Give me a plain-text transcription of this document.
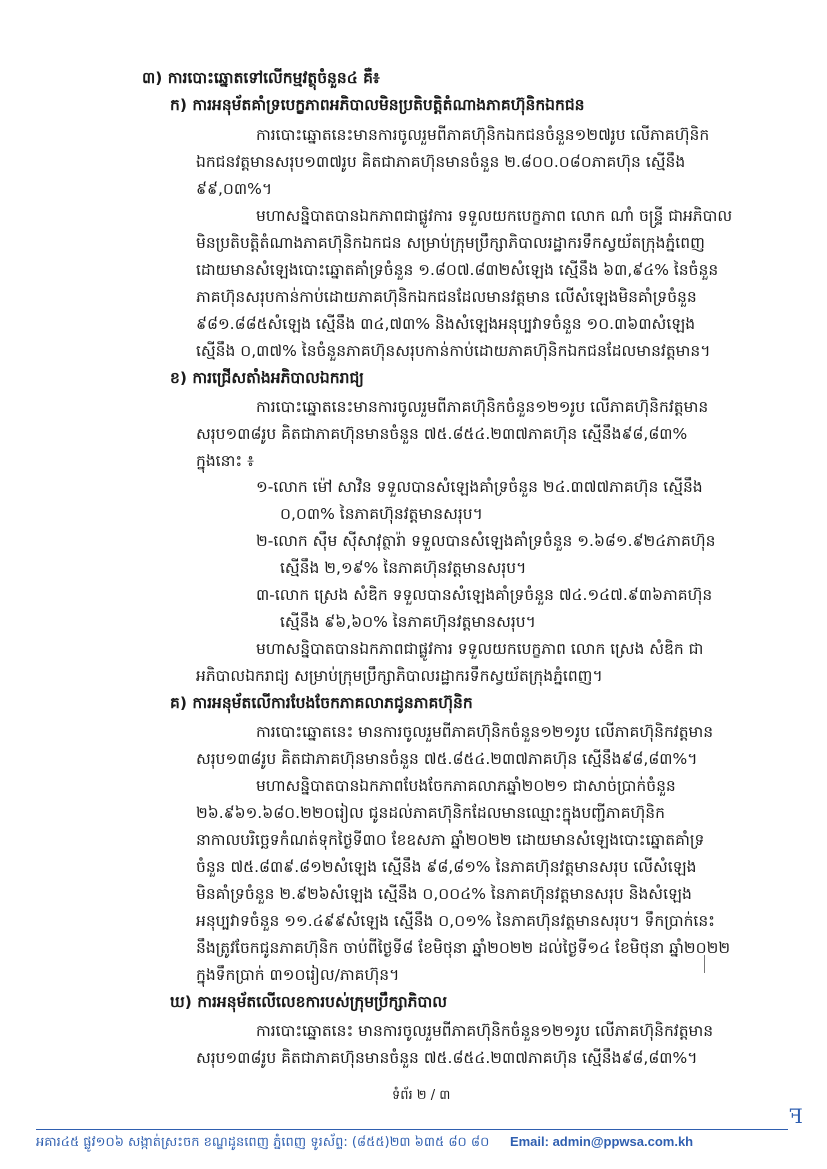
៣) ការបោះឆ្នោតទៅលើកម្មវត្ថុចំនួន៤ គឺ៖
ក) ការអនុម័តគាំទ្របេក្ខភាពអភិបាលមិនប្រតិបត្តិតំណាងភាគហ៊ុនិកឯកជន
ការបោះឆ្នោតនេះមានការចូលរួមពីភាគហ៊ុនិកឯកជនចំនួន១២៧រូប លើភាគហ៊ុនិក
ឯកជនវត្តមានសរុប១៣៧រូប គិតជាភាគហ៊ុនមានចំនួន ២.៨០០.០៨០ភាគហ៊ុន ស្មើនឹង
៩៩,០៣%។
មហាសន្និបាតបានឯកភាពជាផ្លូវការ ទទួលយកបេក្ខភាព លោក ណាំ ចន្រ្ទី ជាអភិបាល
មិនប្រតិបត្តិតំណាងភាគហ៊ុនិកឯកជន សម្រាប់ក្រុមប្រឹក្សាភិបាលរដ្ឋាករទឹកស្វយ័តក្រុងភ្នំពេញ
ដោយមានសំឡេងបោះឆ្នោតគាំទ្រចំនួន ១.៨០៧.៨៣២សំឡេង ស្មើនឹង ៦៣,៩៤% នៃចំនួន
ភាគហ៊ុនសរុបកាន់កាប់ដោយភាគហ៊ុនិកឯកជនដែលមានវត្តមាន លើសំឡេងមិនគាំទ្រចំនួន
៩៨១.៨៨៥សំឡេង ស្មើនឹង ៣៤,៧៣% និងសំឡេងអនុប្បវាទចំនួន ១០.៣៦៣សំឡេង
ស្មើនឹង ០,៣៧% នៃចំនួនភាគហ៊ុនសរុបកាន់កាប់ដោយភាគហ៊ុនិកឯកជនដែលមានវត្តមាន។
ខ) ការជ្រើសតាំងអភិបាលឯករាជ្យ
ការបោះឆ្នោតនេះមានការចូលរួមពីភាគហ៊ុនិកចំនួន១២១រូប លើភាគហ៊ុនិកវត្តមាន
សរុប១៣៨រូប គិតជាភាគហ៊ុនមានចំនួន ៧៥.៨៥៤.២៣៧ភាគហ៊ុន ស្មើនឹង៩៨,៨៣%
ក្នុងនោះ ៖
១-លោក ម៉ៅ សាវិន ទទួលបានសំឡេងគាំទ្រចំនួន ២៤.៣៧៧ភាគហ៊ុន ស្មើនឹង
០,០៣% នៃភាគហ៊ុនវត្តមានសរុប។
២-លោក ស៊ឹម ស៊ីសាវុត្ថារ៉ា ទទួលបានសំឡេងគាំទ្រចំនួន ១.៦៨១.៩២៤ភាគហ៊ុន
ស្មើនឹង ២,១៩% នៃភាគហ៊ុនវត្តមានសរុប។
៣-លោក ស្រេង សំឌិក ទទួលបានសំឡេងគាំទ្រចំនួន ៧៤.១៤៧.៩៣៦ភាគហ៊ុន
ស្មើនឹង ៩៦,៦០% នៃភាគហ៊ុនវត្តមានសរុប។
មហាសន្និបាតបានឯកភាពជាផ្លូវការ ទទួលយកបេក្ខភាព លោក ស្រេង សំឌិក ជា
អភិបាលឯករាជ្យ សម្រាប់ក្រុមប្រឹក្សាភិបាលរដ្ឋាករទឹកស្វយ័តក្រុងភ្នំពេញ។
គ) ការអនុម័តលើការបែងចែកភាគលាភជូនភាគហ៊ុនិក
ការបោះឆ្នោតនេះ មានការចូលរួមពីភាគហ៊ុនិកចំនួន១២១រូប លើភាគហ៊ុនិកវត្តមាន
សរុប១៣៨រូប គិតជាភាគហ៊ុនមានចំនួន ៧៥.៨៥៤.២៣៧ភាគហ៊ុន ស្មើនឹង៩៨,៨៣%។
មហាសន្និបាតបានឯកភាពបែងចែកភាគលាភឆ្នាំ២០២១ ជាសាច់ប្រាក់ចំនួន
២៦.៩៦១.៦៨០.២២០រៀល ជូនដល់ភាគហ៊ុនិកដែលមានឈ្មោះក្នុងបញ្ជីភាគហ៊ុនិក
នាកាលបរិច្ឆេទកំណត់ទុកថ្ងៃទី៣០ ខែឧសភា ឆ្នាំ២០២២ ដោយមានសំឡេងបោះឆ្នោតគាំទ្រ
ចំនួន ៧៥.៨៣៩.៨១២សំឡេង ស្មើនឹង ៩៨,៨១% នៃភាគហ៊ុនវត្តមានសរុប លើសំឡេង
មិនគាំទ្រចំនួន ២.៩២៦សំឡេង ស្មើនឹង ០,០០៤% នៃភាគហ៊ុនវត្តមានសរុប និងសំឡេង
អនុប្បវាទចំនួន ១១.៤៩៩សំឡេង ស្មើនឹង ០,០១% នៃភាគហ៊ុនវត្តមានសរុប។ ទឹកប្រាក់នេះ
នឹងត្រូវចែកជូនភាគហ៊ុនិក ចាប់ពីថ្ងៃទី៨ ខែមិថុនា ឆ្នាំ២០២២ ដល់ថ្ងៃទី១៤ ខែមិថុនា ឆ្នាំ២០២២
ក្នុងទឹកប្រាក់ ៣១០រៀល/ភាគហ៊ុន។
ឃ) ការអនុម័តលើលេខការបស់ក្រុមប្រឹក្សាភិបាល
ការបោះឆ្នោតនេះ មានការចូលរួមពីភាគហ៊ុនិកចំនួន១២១រូប លើភាគហ៊ុនិកវត្តមាន
សរុប១៣៨រូប គិតជាភាគហ៊ុនមានចំនួន ៧៥.៨៥៤.២៣៧ភាគហ៊ុន ស្មើនឹង៩៨,៨៣%។
ទំព័រ ២ / ៣
អគារ៤៥ ផ្លូវ១០៦ សង្កាត់ស្រះចក ខណ្ឌដូនពេញ ភ្នំពេញ ទូរស័ព្ទ: (៨៥៥)២៣ ៦៣៥ ៨០ ៨០ Email: admin@ppwsa.com.kh
ꟻ
